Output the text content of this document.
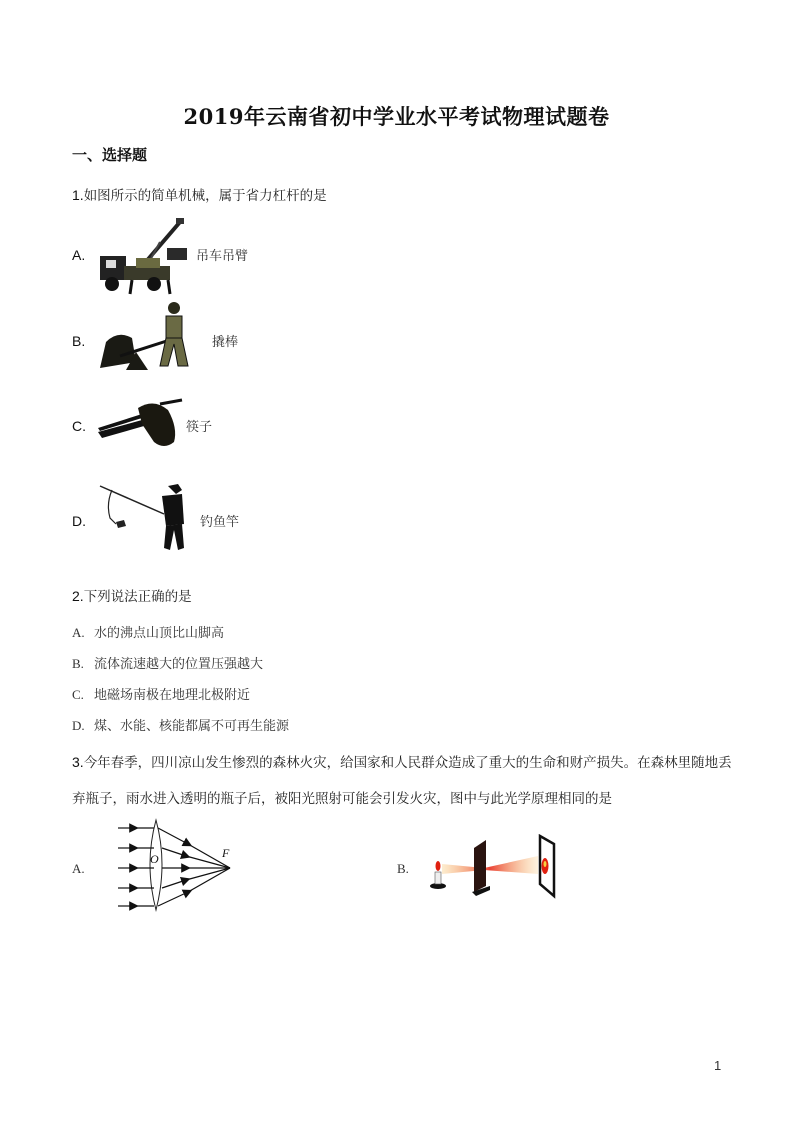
2019年云南省初中学业水平考试物理试题卷
一、选择题
1.如图所示的简单机械，属于省力杠杆的是
A.	吊车吊臂
B.	撬棒
C.	筷子
D.	钓鱼竿
2.下列说法正确的是
A. 水的沸点山顶比山脚高
B. 流体流速越大的位置压强越大
C. 地磁场南极在地理北极附近
D. 煤、水能、核能都属不可再生能源
3.今年春季，四川凉山发生惨烈的森林火灾，给国家和人民群众造成了重大的生命和财产损失。在森林里随地丢弃瓶子，雨水进入透明的瓶子后，被阳光照射可能会引发火灾，图中与此光学原理相同的是
A.
O	F
B.
1
